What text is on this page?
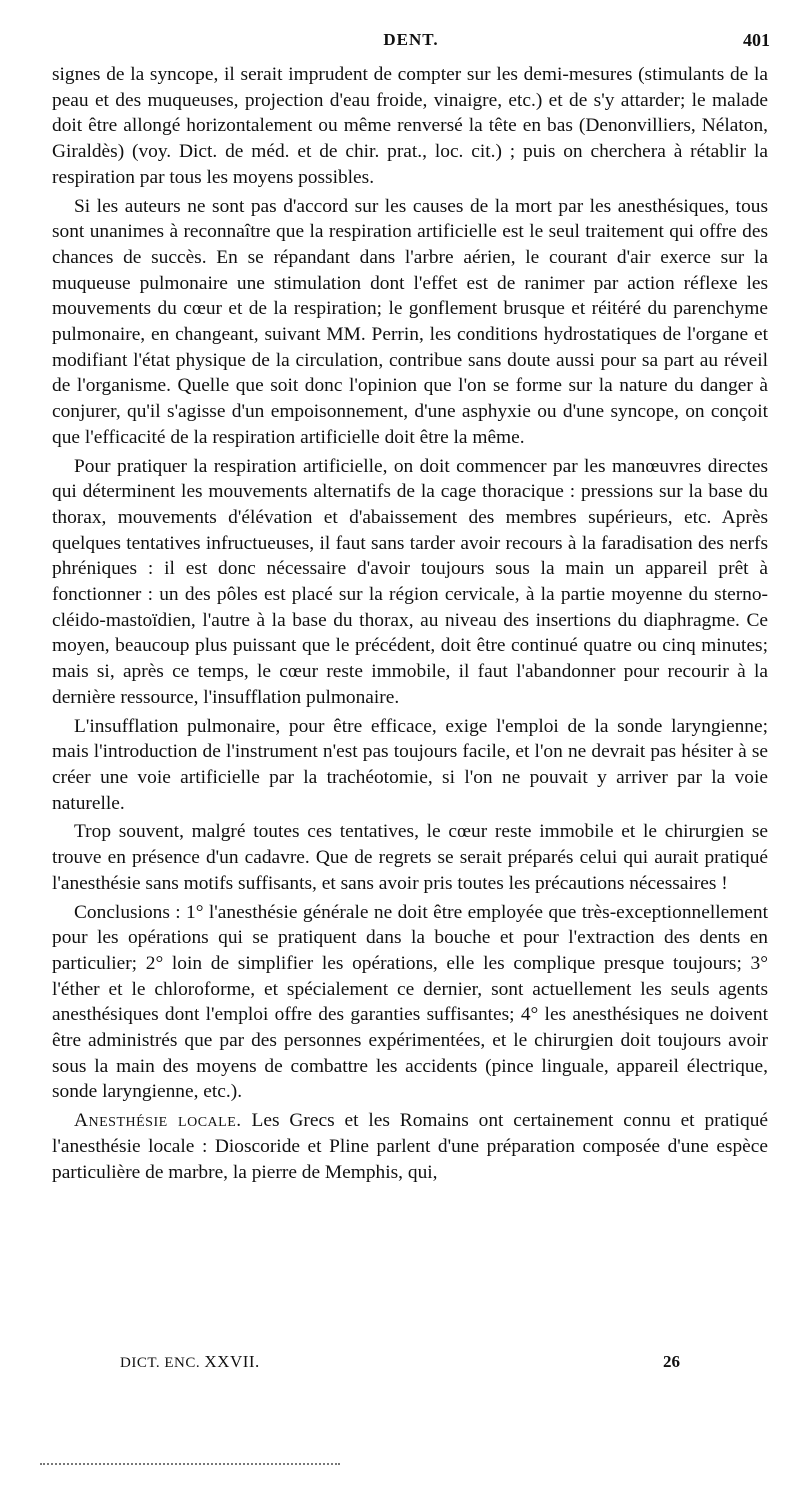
DENT.	401

signes de la syncope, il serait imprudent de compter sur les demi-mesures (stimulants de la peau et des muqueuses, projection d'eau froide, vinaigre, etc.) et de s'y attarder; le malade doit être allongé horizontalement ou même renversé la tête en bas (Denonvilliers, Nélaton, Giraldès) (voy. Dict. de méd. et de chir. prat., loc. cit.) ; puis on cherchera à rétablir la respiration par tous les moyens possibles.

Si les auteurs ne sont pas d'accord sur les causes de la mort par les anesthésiques, tous sont unanimes à reconnaître que la respiration artificielle est le seul traitement qui offre des chances de succès. En se répandant dans l'arbre aérien, le courant d'air exerce sur la muqueuse pulmonaire une stimulation dont l'effet est de ranimer par action réflexe les mouvements du cœur et de la respiration; le gonflement brusque et réitéré du parenchyme pulmonaire, en changeant, suivant MM. Perrin, les conditions hydrostatiques de l'organe et modifiant l'état physique de la circulation, contribue sans doute aussi pour sa part au réveil de l'organisme. Quelle que soit donc l'opinion que l'on se forme sur la nature du danger à conjurer, qu'il s'agisse d'un empoisonnement, d'une asphyxie ou d'une syncope, on conçoit que l'efficacité de la respiration artificielle doit être la même.

Pour pratiquer la respiration artificielle, on doit commencer par les manœuvres directes qui déterminent les mouvements alternatifs de la cage thoracique : pressions sur la base du thorax, mouvements d'élévation et d'abaissement des membres supérieurs, etc. Après quelques tentatives infructueuses, il faut sans tarder avoir recours à la faradisation des nerfs phréniques : il est donc nécessaire d'avoir toujours sous la main un appareil prêt à fonctionner : un des pôles est placé sur la région cervicale, à la partie moyenne du sterno-cléido-mastoïdien, l'autre à la base du thorax, au niveau des insertions du diaphragme. Ce moyen, beaucoup plus puissant que le précédent, doit être continué quatre ou cinq minutes; mais si, après ce temps, le cœur reste immobile, il faut l'abandonner pour recourir à la dernière ressource, l'insufflation pulmonaire.

L'insufflation pulmonaire, pour être efficace, exige l'emploi de la sonde laryngienne; mais l'introduction de l'instrument n'est pas toujours facile, et l'on ne devrait pas hésiter à se créer une voie artificielle par la trachéotomie, si l'on ne pouvait y arriver par la voie naturelle.

Trop souvent, malgré toutes ces tentatives, le cœur reste immobile et le chirurgien se trouve en présence d'un cadavre. Que de regrets se serait préparés celui qui aurait pratiqué l'anesthésie sans motifs suffisants, et sans avoir pris toutes les précautions nécessaires !

Conclusions : 1° l'anesthésie générale ne doit être employée que très-exceptionnellement pour les opérations qui se pratiquent dans la bouche et pour l'extraction des dents en particulier; 2° loin de simplifier les opérations, elle les complique presque toujours; 3° l'éther et le chloroforme, et spécialement ce dernier, sont actuellement les seuls agents anesthésiques dont l'emploi offre des garanties suffisantes; 4° les anesthésiques ne doivent être administrés que par des personnes expérimentées, et le chirurgien doit toujours avoir sous la main des moyens de combattre les accidents (pince linguale, appareil électrique, sonde laryngienne, etc.).

Anesthésie locale. Les Grecs et les Romains ont certainement connu et pratiqué l'anesthésie locale : Dioscoride et Pline parlent d'une préparation composée d'une espèce particulière de marbre, la pierre de Memphis, qui,

DICT. ENC. XXVII.	26
